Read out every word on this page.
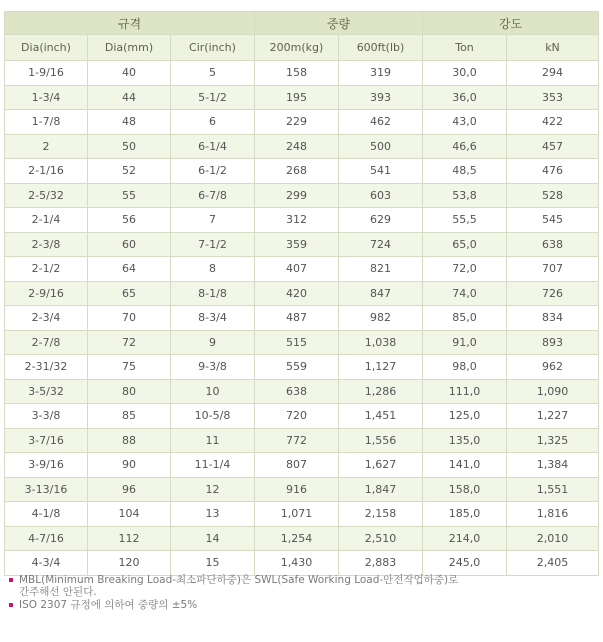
규격			중량		강도	
Dia(inch)	Dia(mm)	Cir(inch)	200m(kg)	600ft(lb)	Ton	kN
1-9/16	40	5	158	319	30,0	294
1-3/4	44	5-1/2	195	393	36,0	353
1-7/8	48	6	229	462	43,0	422
2	50	6-1/4	248	500	46,6	457
2-1/16	52	6-1/2	268	541	48,5	476
2-5/32	55	6-7/8	299	603	53,8	528
2-1/4	56	7	312	629	55,5	545
2-3/8	60	7-1/2	359	724	65,0	638
2-1/2	64	8	407	821	72,0	707
2-9/16	65	8-1/8	420	847	74,0	726
2-3/4	70	8-3/4	487	982	85,0	834
2-7/8	72	9	515	1,038	91,0	893
2-31/32	75	9-3/8	559	1,127	98,0	962
3-5/32	80	10	638	1,286	111,0	1,090
3-3/8	85	10-5/8	720	1,451	125,0	1,227
3-7/16	88	11	772	1,556	135,0	1,325
3-9/16	90	11-1/4	807	1,627	141,0	1,384
3-13/16	96	12	916	1,847	158,0	1,551
4-1/8	104	13	1,071	2,158	185,0	1,816
4-7/16	112	14	1,254	2,510	214,0	2,010
4-3/4	120	15	1,430	2,883	245,0	2,405
MBL(Minimum Breaking Load-최소파단하중)은 SWL(Safe Working Load-안전작업하중)로
간주해선 안된다.
ISO 2307 규정에 의하여 중량의 ±5%
